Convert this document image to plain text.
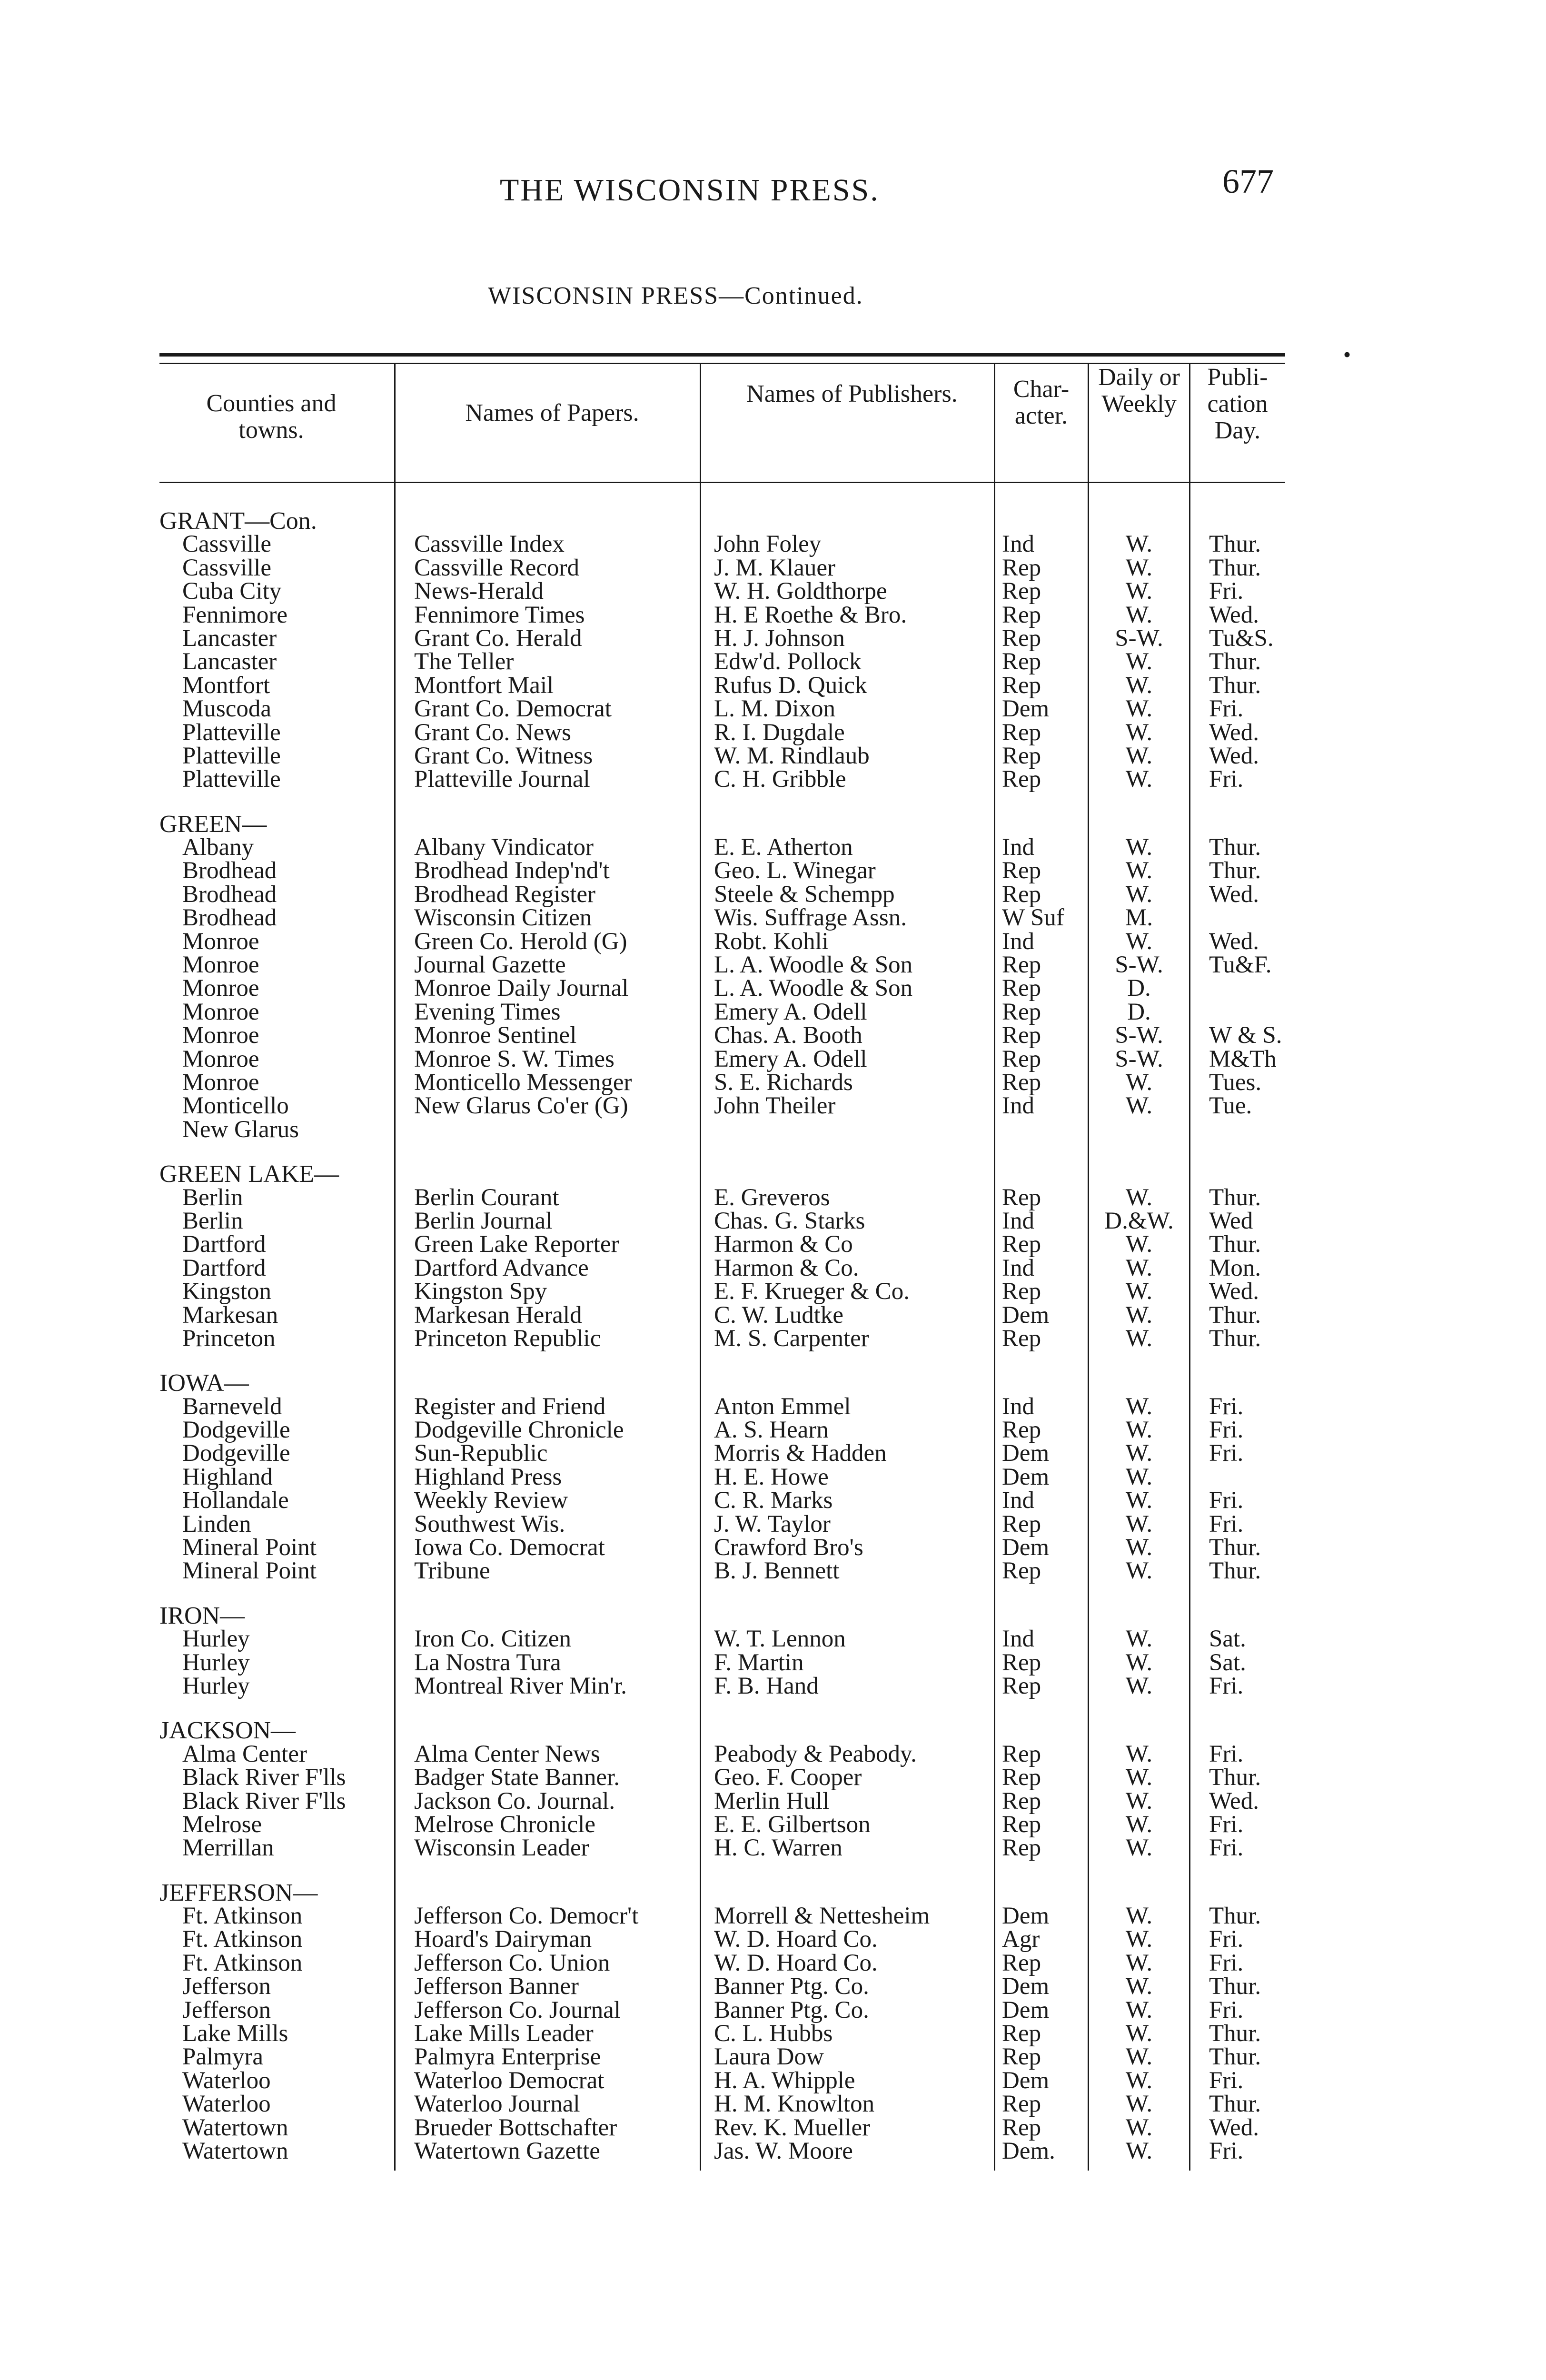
THE WISCONSIN PRESS.	677
WISCONSIN PRESS—Continued.
Counties and towns.
Names of Papers.
Names of Publishers.	Char- acter.
Daily or Weekly
Publi- cation Day.
GRANT—Con.
Cassville
Cassville
Cuba City
Fennimore
Lancaster
Lancaster
Montfort
Muscoda
Platteville
Platteville
Platteville
GREEN—
Albany
Brodhead
Brodhead
Brodhead
Monroe
Monroe
Monroe
Monroe
Monroe
Monroe
Monroe
Monticello
New Glarus
GREEN LAKE—
Berlin
Berlin
Dartford
Dartford
Kingston
Markesan
Princeton
IOWA—
Barneveld
Dodgeville
Dodgeville
Highland
Hollandale
Linden
Mineral Point
Mineral Point
IRON—
Hurley
Hurley
Hurley
JACKSON—
Alma Center
Black River F'lls
Black River F'lls
Melrose
Merrillan
JEFFERSON—
Ft. Atkinson
Ft. Atkinson
Ft. Atkinson
Jefferson
Jefferson
Lake Mills
Palmyra
Waterloo
Waterloo
Watertown
Watertown
Cassville Index
Cassville Record
News-Herald
Fennimore Times
Grant Co. Herald
The Teller
Montfort Mail
Grant Co. Democrat
Grant Co. News
Grant Co. Witness
Platteville Journal
Albany Vindicator
Brodhead Indep'nd't
Brodhead Register
Wisconsin Citizen
Green Co. Herold (G)
Journal Gazette
Monroe Daily Journal
Evening Times
Monroe Sentinel
Monroe S. W. Times
Monticello Messenger
New Glarus Co'er (G)
Berlin Courant
Berlin Journal
Green Lake Reporter
Dartford Advance
Kingston Spy
Markesan Herald
Princeton Republic
Register and Friend
Dodgeville Chronicle
Sun-Republic
Highland Press
Weekly Review
Southwest Wis.
Iowa Co. Democrat
Tribune
Iron Co. Citizen
La Nostra Tura
Montreal River Min'r.
Alma Center News
Badger State Banner.
Jackson Co. Journal.
Melrose Chronicle
Wisconsin Leader
Jefferson Co. Democr't
Hoard's Dairyman
Jefferson Co. Union
Jefferson Banner
Jefferson Co. Journal
Lake Mills Leader
Palmyra Enterprise
Waterloo Democrat
Waterloo Journal
Brueder Bottschafter
Watertown Gazette
John Foley
J. M. Klauer
W. H. Goldthorpe
H. E Roethe & Bro.
H. J. Johnson
Edw'd. Pollock
Rufus D. Quick
L. M. Dixon
R. I. Dugdale
W. M. Rindlaub
C. H. Gribble
E. E. Atherton
Geo. L. Winegar
Steele & Schempp
Wis. Suffrage Assn.
Robt. Kohli
L. A. Woodle & Son
L. A. Woodle & Son
Emery A. Odell
Chas. A. Booth
Emery A. Odell
S. E. Richards
John Theiler
E. Greveros
Chas. G. Starks
Harmon & Co
Harmon & Co.
E. F. Krueger & Co.
C. W. Ludtke
M. S. Carpenter
Anton Emmel
A. S. Hearn
Morris & Hadden
H. E. Howe
C. R. Marks
J. W. Taylor
Crawford Bro's
B. J. Bennett
W. T. Lennon
F. Martin
F. B. Hand
Peabody & Peabody.
Geo. F. Cooper
Merlin Hull
E. E. Gilbertson
H. C. Warren
Morrell & Nettesheim
W. D. Hoard Co.
W. D. Hoard Co.
Banner Ptg. Co.
Banner Ptg. Co.
C. L. Hubbs
Laura Dow
H. A. Whipple
H. M. Knowlton
Rev. K. Mueller
Jas. W. Moore
Ind
Rep
Rep
Rep
Rep
Rep
Rep
Dem
Rep
Rep
Rep
Ind
Rep
Rep
W Suf
Ind
Rep
Rep
Rep
Rep
Rep
Rep
Ind
Rep
Ind
Rep
Ind
Rep
Dem
Rep
Ind
Rep
Dem
Dem
Ind
Rep
Dem
Rep
Ind
Rep
Rep
Rep
Rep
Rep
Rep
Rep
Dem
Agr
Rep
Dem
Dem
Rep
Rep
Dem
Rep
Rep
Dem.
W.
W.
W.
W.
S-W.
W.
W.
W.
W.
W.
W.
W.
W.
W.
M.
W.
S-W.
D.
D.
S-W.
S-W.
W.
W.
W.
D.&W.
W.
W.
W.
W.
W.
W.
W.
W.
W.
W.
W.
W.
W.
W.
W.
W.
W.
W.
W.
W.
W.
W.
W.
W.
W.
W.
W.
W.
W.
W.
W.
W.
Thur.
Thur.
Fri.
Wed.
Tu&S.
Thur.
Thur.
Fri.
Wed.
Wed.
Fri.
Thur.
Thur.
Wed.
Wed.
Tu&F.
W & S.
M&Th
Tues.
Tue.
Thur.
Wed
Thur.
Mon.
Wed.
Thur.
Thur.
Fri.
Fri.
Fri.
Fri.
Fri.
Thur.
Thur.
Sat.
Sat.
Fri.
Fri.
Thur.
Wed.
Fri.
Fri.
Thur.
Fri.
Fri.
Thur.
Fri.
Thur.
Thur.
Fri.
Thur.
Wed.
Fri.
•
